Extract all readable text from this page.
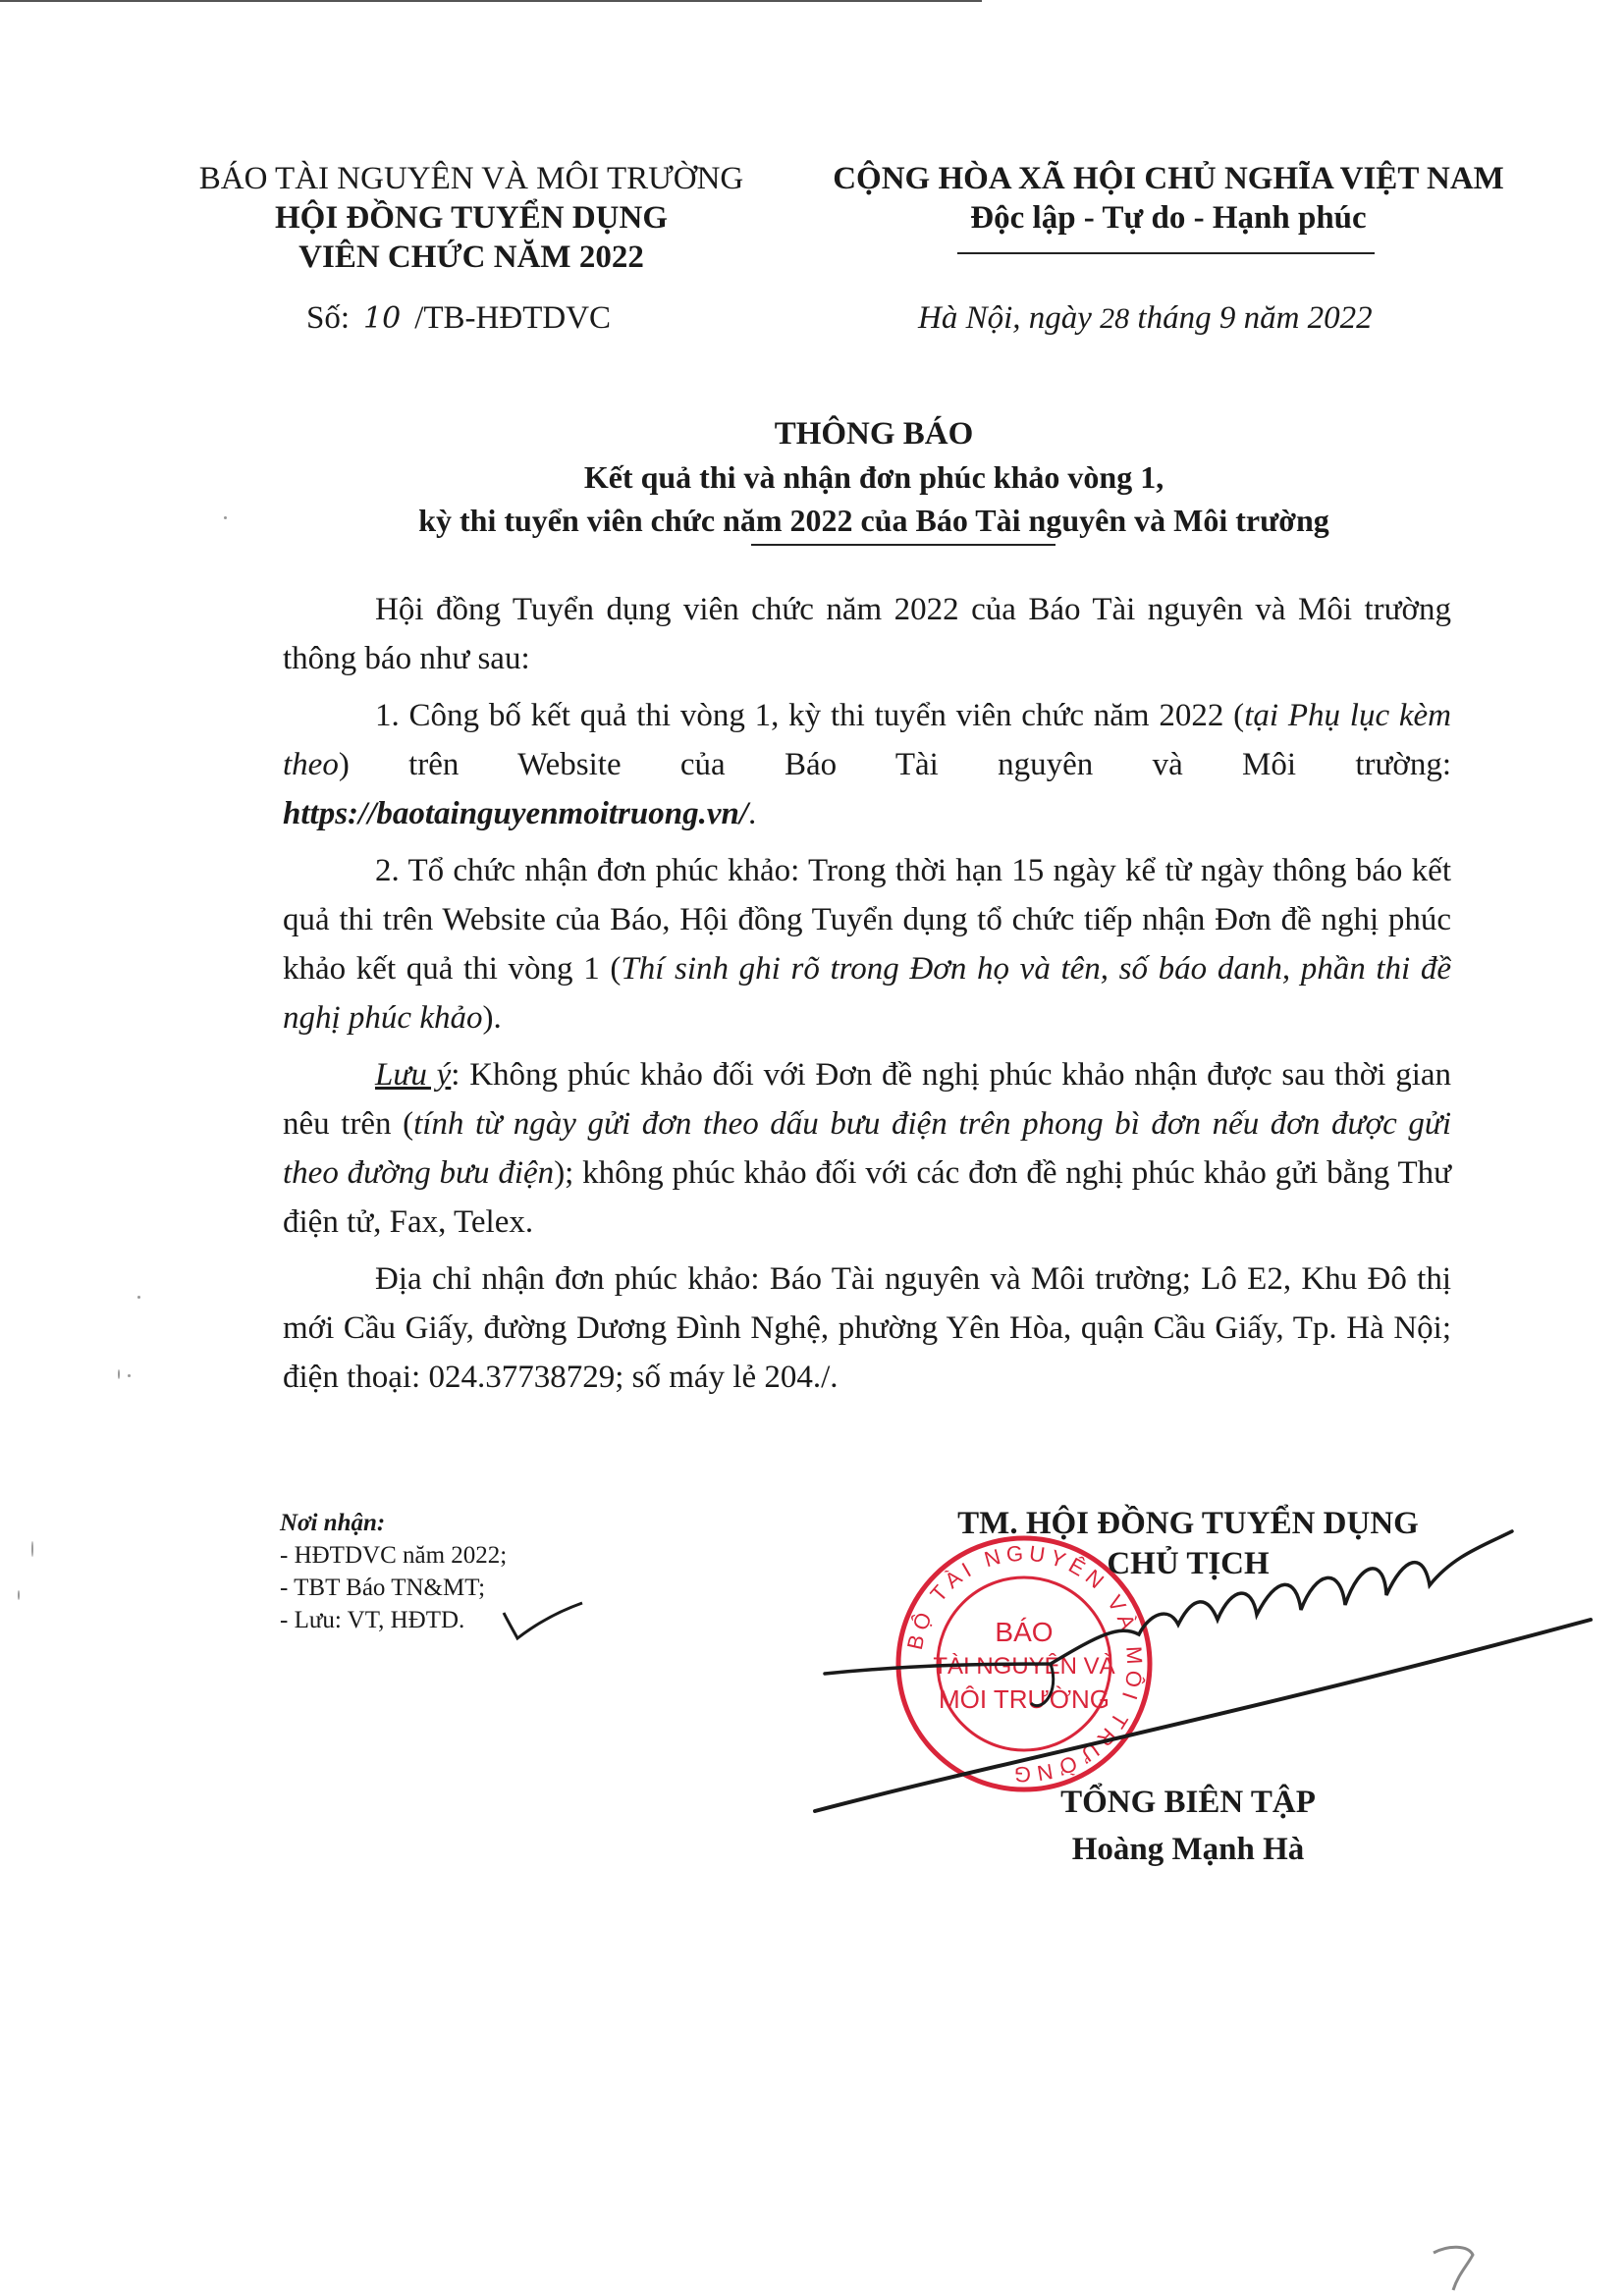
BÁO TÀI NGUYÊN VÀ MÔI TRƯỜNG
HỘI ĐỒNG TUYỂN DỤNG
VIÊN CHỨC NĂM 2022
CỘNG HÒA XÃ HỘI CHỦ NGHĨA VIỆT NAM
Độc lập - Tự do - Hạnh phúc
Số: 10 /TB-HĐTDVC	Hà Nội, ngày 28 tháng 9 năm 2022
THÔNG BÁO
Kết quả thi và nhận đơn phúc khảo vòng 1,
kỳ thi tuyển viên chức năm 2022 của Báo Tài nguyên và Môi trường

Hội đồng Tuyển dụng viên chức năm 2022 của Báo Tài nguyên và Môi trường thông báo như sau:

1. Công bố kết quả thi vòng 1, kỳ thi tuyển viên chức năm 2022 (tại Phụ lục kèm theo) trên Website của Báo Tài nguyên và Môi trường: https://baotainguyenmoitruong.vn/.

2. Tổ chức nhận đơn phúc khảo: Trong thời hạn 15 ngày kể từ ngày thông báo kết quả thi trên Website của Báo, Hội đồng Tuyển dụng tổ chức tiếp nhận Đơn đề nghị phúc khảo kết quả thi vòng 1 (Thí sinh ghi rõ trong Đơn họ và tên, số báo danh, phần thi đề nghị phúc khảo).

Lưu ý: Không phúc khảo đối với Đơn đề nghị phúc khảo nhận được sau thời gian nêu trên (tính từ ngày gửi đơn theo dấu bưu điện trên phong bì đơn nếu đơn được gửi theo đường bưu điện); không phúc khảo đối với các đơn đề nghị phúc khảo gửi bằng Thư điện tử, Fax, Telex.

Địa chỉ nhận đơn phúc khảo: Báo Tài nguyên và Môi trường; Lô E2, Khu Đô thị mới Cầu Giấy, đường Dương Đình Nghệ, phường Yên Hòa, quận Cầu Giấy, Tp. Hà Nội; điện thoại: 024.37738729; số máy lẻ 204./.

Nơi nhận:
- HĐTDVC năm 2022;
- TBT Báo TN&MT;
- Lưu: VT, HĐTD.
BỘ TÀI NGUYÊN VÀ MÔI TRƯỜNG
BÁO
TÀI NGUYÊN VÀ
MÔI TRƯỜNG
TM. HỘI ĐỒNG TUYỂN DỤNG
CHỦ TỊCH
TỔNG BIÊN TẬP
Hoàng Mạnh Hà
